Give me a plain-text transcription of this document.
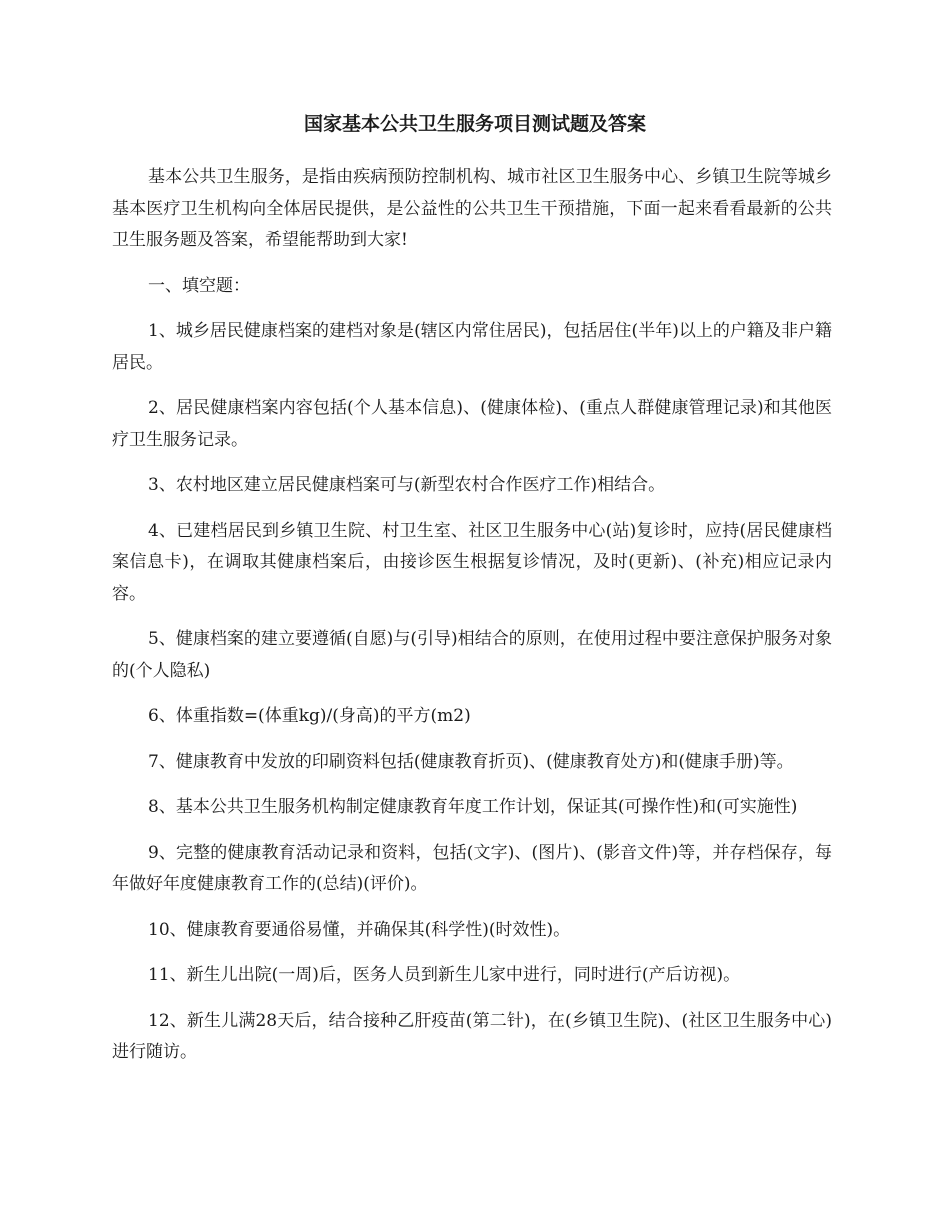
国家基本公共卫生服务项目测试题及答案

基本公共卫生服务，是指由疾病预防控制机构、城市社区卫生服务中心、乡镇卫生院等城乡基本医疗卫生机构向全体居民提供，是公益性的公共卫生干预措施，下面一起来看看最新的公共卫生服务题及答案，希望能帮助到大家!

一、填空题：

1、城乡居民健康档案的建档对象是(辖区内常住居民)，包括居住(半年)以上的户籍及非户籍居民。

2、居民健康档案内容包括(个人基本信息)、(健康体检)、(重点人群健康管理记录)和其他医疗卫生服务记录。

3、农村地区建立居民健康档案可与(新型农村合作医疗工作)相结合。

4、已建档居民到乡镇卫生院、村卫生室、社区卫生服务中心(站)复诊时，应持(居民健康档案信息卡)，在调取其健康档案后，由接诊医生根据复诊情况，及时(更新)、(补充)相应记录内容。

5、健康档案的建立要遵循(自愿)与(引导)相结合的原则，在使用过程中要注意保护服务对象的(个人隐私)

6、体重指数=(体重kg)/(身高)的平方(m2)

7、健康教育中发放的印刷资料包括(健康教育折页)、(健康教育处方)和(健康手册)等。

8、基本公共卫生服务机构制定健康教育年度工作计划，保证其(可操作性)和(可实施性)

9、完整的健康教育活动记录和资料，包括(文字)、(图片)、(影音文件)等，并存档保存，每年做好年度健康教育工作的(总结)(评价)。

10、健康教育要通俗易懂，并确保其(科学性)(时效性)。

11、新生儿出院(一周)后，医务人员到新生儿家中进行，同时进行(产后访视)。

12、新生儿满28天后，结合接种乙肝疫苗(第二针)，在(乡镇卫生院)、(社区卫生服务中心)进行随访。
